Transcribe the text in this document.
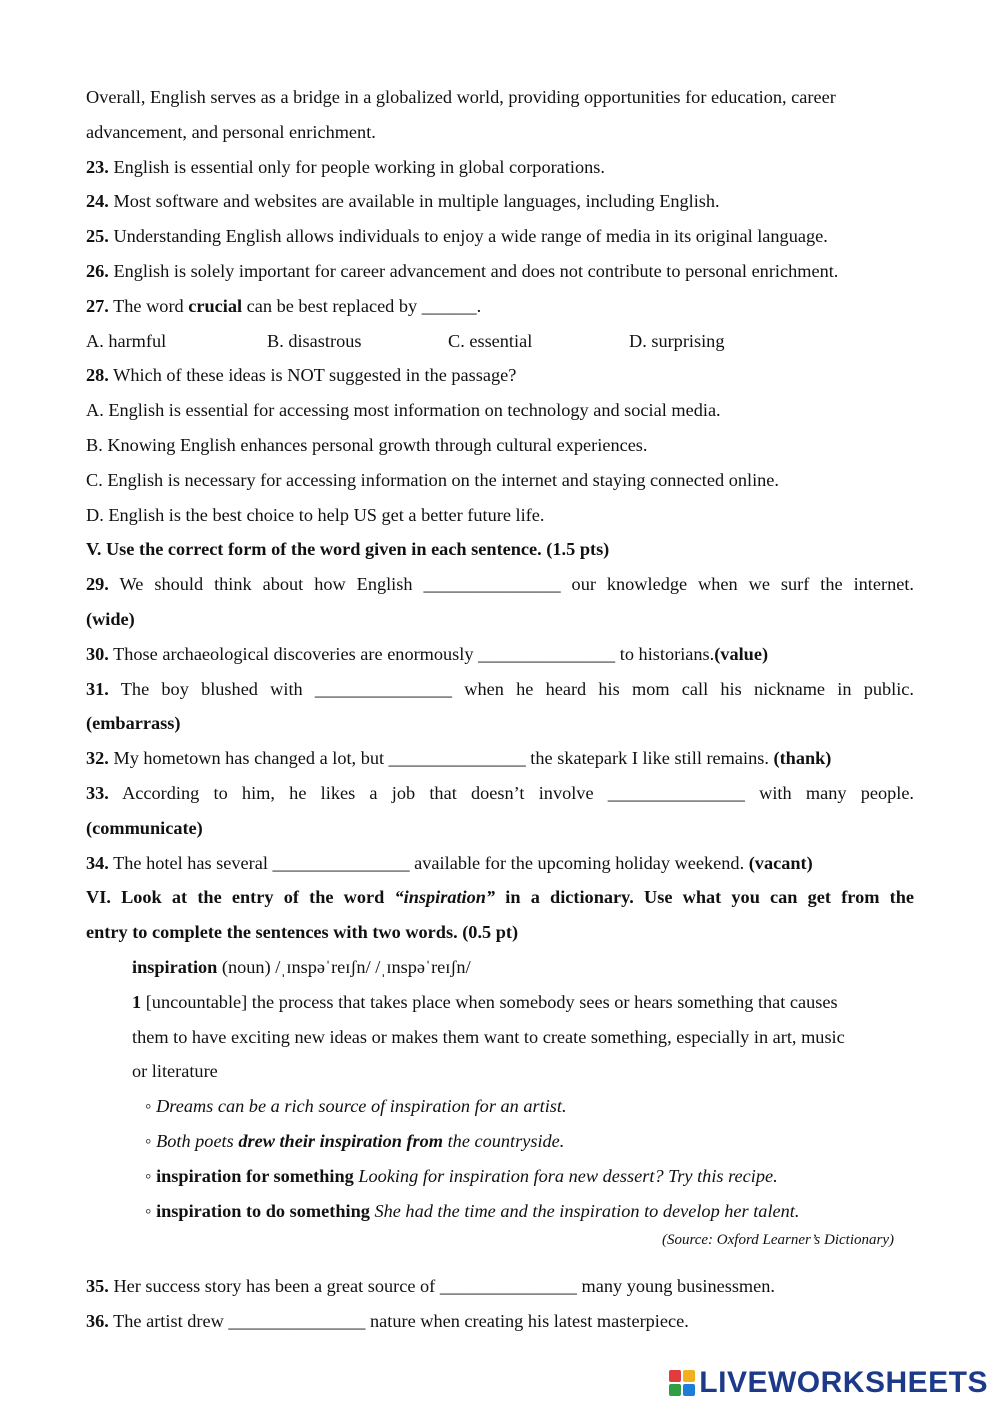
Overall, English serves as a bridge in a globalized world, providing opportunities for education, career

advancement, and personal enrichment.

23. English is essential only for people working in global corporations.

24. Most software and websites are available in multiple languages, including English.

25. Understanding English allows individuals to enjoy a wide range of media in its original language.

26. English is solely important for career advancement and does not contribute to personal enrichment.

27. The word crucial can be best replaced by ______.

A. harmful	B. disastrous	C. essential	D. surprising

28. Which of these ideas is NOT suggested in the passage?

A. English is essential for accessing most information on technology and social media.

B. Knowing English enhances personal growth through cultural experiences.

C. English is necessary for accessing information on the internet and staying connected online.

D. English is the best choice to help US get a better future life.

V. Use the correct form of the word given in each sentence. (1.5 pts)

29. We should think about how English _______________ our knowledge when we surf the internet.

(wide)

30. Those archaeological discoveries are enormously _______________ to historians.(value)

31. The boy blushed with _______________ when he heard his mom call his nickname in public.

(embarrass)

32. My hometown has changed a lot, but _______________ the skatepark I like still remains. (thank)

33. According to him, he likes a job that doesn’t involve _______________ with many people.

(communicate)

34. The hotel has several _______________ available for the upcoming holiday weekend. (vacant)

VI. Look at the entry of the word “inspiration” in a dictionary. Use what you can get from the

entry to complete the sentences with two words. (0.5 pt)

inspiration (noun) /ˌɪnspəˈreɪʃn/ /ˌɪnspəˈreɪʃn/

1 [uncountable] the process that takes place when somebody sees or hears something that causes

them to have exciting new ideas or makes them want to create something, especially in art, music

or literature

◦ Dreams can be a rich source of inspiration for an artist.

◦ Both poets drew their inspiration from the countryside.

◦ inspiration for something Looking for inspiration fora new dessert? Try this recipe.

◦ inspiration to do something She had the time and the inspiration to develop her talent.

(Source: Oxford Learner’s Dictionary)

35. Her success story has been a great source of _______________ many young businessmen.

36. The artist drew _______________ nature when creating his latest masterpiece.

LIVEWORKSHEETS
